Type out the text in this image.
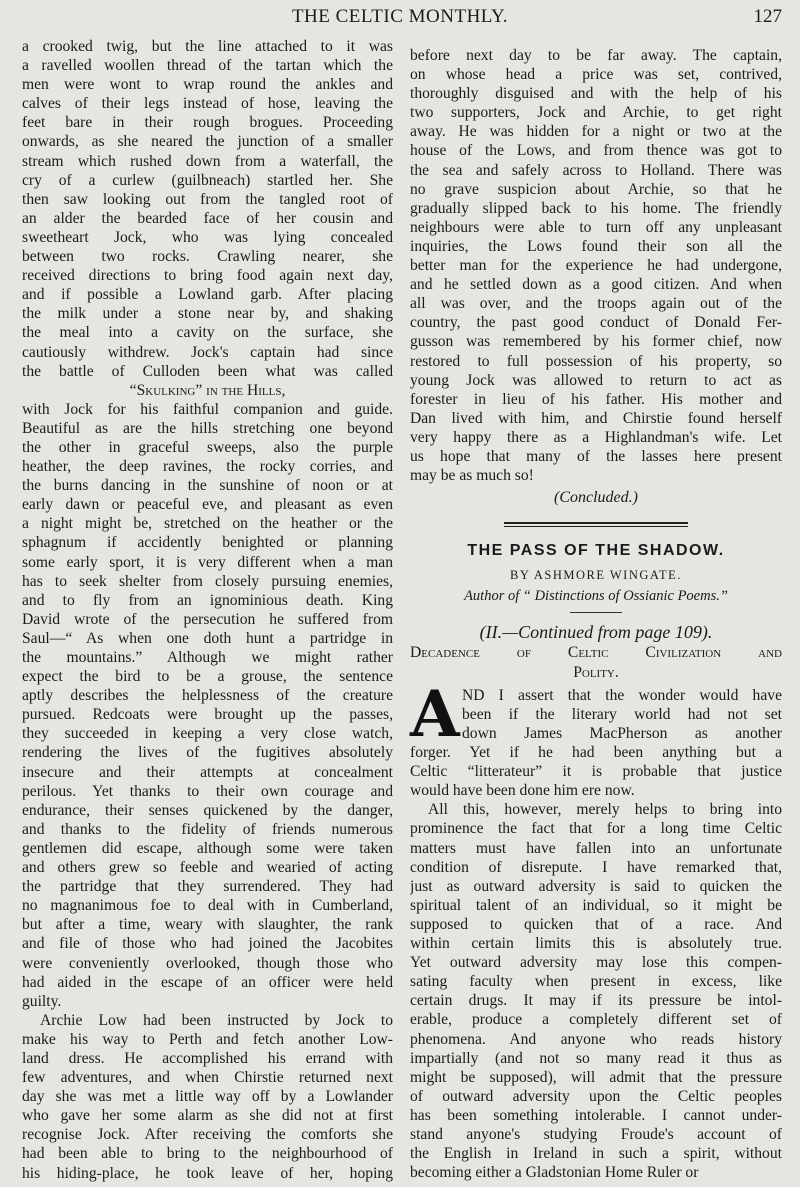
THE CELTIC MONTHLY.	127
a crooked twig, but the line attached to it was
a ravelled woollen thread of the tartan which the
men were wont to wrap round the ankles and
calves of their legs instead of hose, leaving the
feet bare in their rough brogues. Proceeding
onwards, as she neared the junction of a smaller
stream which rushed down from a waterfall, the
cry of a curlew (guilbneach) startled her. She
then saw looking out from the tangled root of
an alder the bearded face of her cousin and
sweetheart Jock, who was lying concealed
between two rocks. Crawling nearer, she
received directions to bring food again next day,
and if possible a Lowland garb. After placing
the milk under a stone near by, and shaking
the meal into a cavity on the surface, she
cautiously withdrew. Jock's captain had since
the battle of Culloden been what was called
“Skulking” in the Hills,
with Jock for his faithful companion and guide.
Beautiful as are the hills stretching one beyond
the other in graceful sweeps, also the purple
heather, the deep ravines, the rocky corries, and
the burns dancing in the sunshine of noon or at
early dawn or peaceful eve, and pleasant as even
a night might be, stretched on the heather or the
sphagnum if accidently benighted or planning
some early sport, it is very different when a man
has to seek shelter from closely pursuing enemies,
and to fly from an ignominious death. King
David wrote of the persecution he suffered from
Saul—“ As when one doth hunt a partridge in
the mountains.” Although we might rather
expect the bird to be a grouse, the sentence
aptly describes the helplessness of the creature
pursued. Redcoats were brought up the passes,
they succeeded in keeping a very close watch,
rendering the lives of the fugitives absolutely
insecure and their attempts at concealment
perilous. Yet thanks to their own courage and
endurance, their senses quickened by the danger,
and thanks to the fidelity of friends numerous
gentlemen did escape, although some were taken
and others grew so feeble and wearied of acting
the partridge that they surrendered. They had
no magnanimous foe to deal with in Cumberland,
but after a time, weary with slaughter, the rank
and file of those who had joined the Jacobites
were conveniently overlooked, though those who
had aided in the escape of an officer were held
guilty.
Archie Low had been instructed by Jock to
make his way to Perth and fetch another Low-
land dress. He accomplished his errand with
few adventures, and when Chirstie returned next
day she was met a little way off by a Lowlander
who gave her some alarm as she did not at first
recognise Jock. After receiving the comforts she
had been able to bring to the neighbourhood of
his hiding-place, he took leave of her, hoping
before next day to be far away. The captain,
on whose head a price was set, contrived,
thoroughly disguised and with the help of his
two supporters, Jock and Archie, to get right
away. He was hidden for a night or two at the
house of the Lows, and from thence was got to
the sea and safely across to Holland. There was
no grave suspicion about Archie, so that he
gradually slipped back to his home. The friendly
neighbours were able to turn off any unpleasant
inquiries, the Lows found their son all the
better man for the experience he had undergone,
and he settled down as a good citizen. And when
all was over, and the troops again out of the
country, the past good conduct of Donald Fer-
gusson was remembered by his former chief, now
restored to full possession of his property, so
young Jock was allowed to return to act as
forester in lieu of his father. His mother and
Dan lived with him, and Chirstie found herself
very happy there as a Highlandman's wife. Let
us hope that many of the lasses here present
may be as much so!
(Concluded.)
THE PASS OF THE SHADOW.
BY ASHMORE WINGATE.
Author of “ Distinctions of Ossianic Poems.”
(II.—Continued from page 109).
Decadence of Celtic Civilization and
Polity.
A ND I assert that the wonder would have
been if the literary world had not set
down James MacPherson as another
forger. Yet if he had been anything but a
Celtic “litterateur” it is probable that justice
would have been done him ere now.
All this, however, merely helps to bring into
prominence the fact that for a long time Celtic
matters must have fallen into an unfortunate
condition of disrepute. I have remarked that,
just as outward adversity is said to quicken the
spiritual talent of an individual, so it might be
supposed to quicken that of a race. And
within certain limits this is absolutely true.
Yet outward adversity may lose this compen-
sating faculty when present in excess, like
certain drugs. It may if its pressure be intol-
erable, produce a completely different set of
phenomena. And anyone who reads history
impartially (and not so many read it thus as
might be supposed), will admit that the pressure
of outward adversity upon the Celtic peoples
has been something intolerable. I cannot under-
stand anyone's studying Froude's account of
the English in Ireland in such a spirit, without
becoming either a Gladstonian Home Ruler or
